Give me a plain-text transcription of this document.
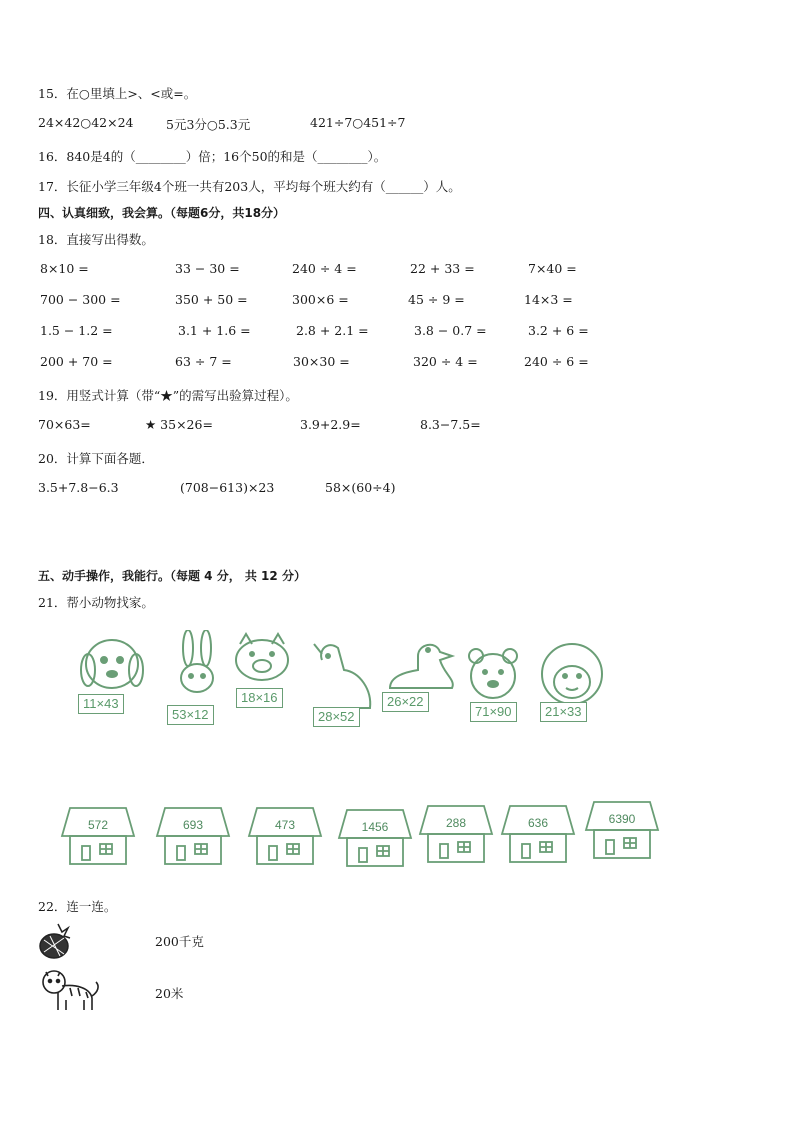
15．在○里填上>、<或=。
24×42○42×24	5元3分○5.3元	421÷7○451÷7
16．840是4的（________）倍；16个50的和是（________）。
17．长征小学三年级4个班一共有203人，平均每个班大约有（______）人。
四、认真细致，我会算。（每题6分，共18分）
18．直接写出得数。
8×10 =	33 − 30 =	240 ÷ 4 =	22 + 33 =	7×40 =
700 − 300 =	350 + 50 =	300×6 =	45 ÷ 9 =	14×3 =
1.5 − 1.2 =	3.1 + 1.6 =	2.8 + 2.1 =	3.8 − 0.7 =	3.2 + 6 =
200 + 70 =	63 ÷ 7 =	30×30 =	320 ÷ 4 =	240 ÷ 6 =
19．用竖式计算（带“★”的需写出验算过程）。
70×63=	★ 35×26=	3.9+2.9=	8.3−7.5=
20．计算下面各题．
3.5+7.8−6.3	(708−613)×23	58×(60÷4)
五、动手操作，我能行。（每题 4 分， 共 12 分）
21．帮小动物找家。
11×43
53×12
18×16
28×52
26×22
71×90	21×33
572	693	473	1456	288	636	6390
22．连一连。
200千克
20米
